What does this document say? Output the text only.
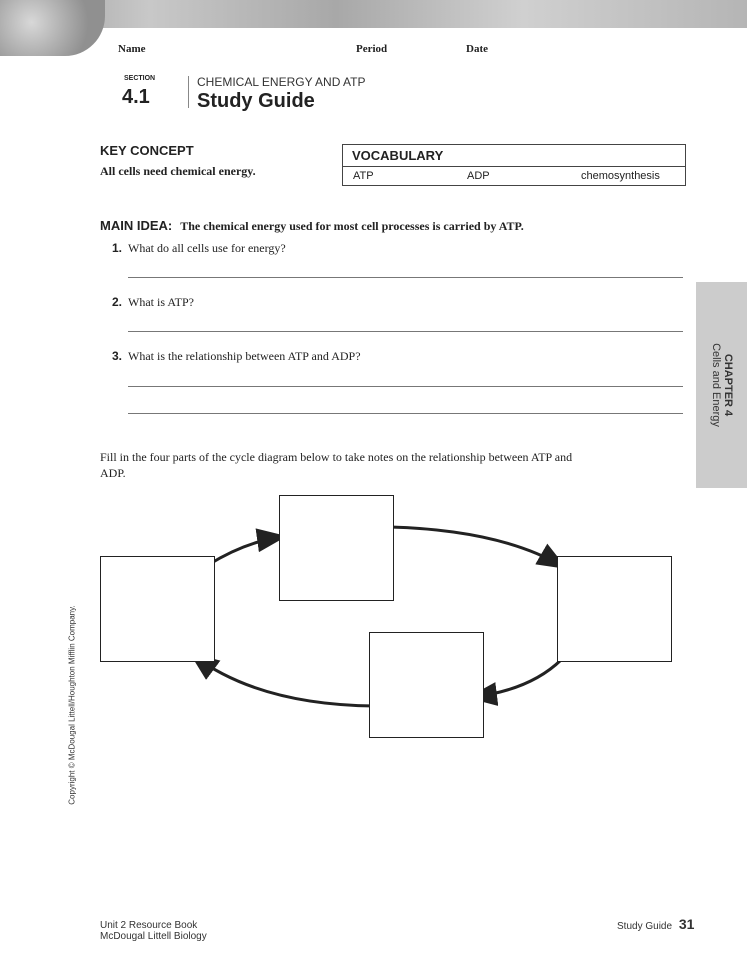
Name	Period	Date
SECTION
4.1
CHEMICAL ENERGY AND ATP
Study Guide
KEY CONCEPT
All cells need chemical energy.
VOCABULARY
ATP	ADP	chemosynthesis
MAIN IDEA: The chemical energy used for most cell processes is carried by ATP.
1. What do all cells use for energy?
2. What is ATP?
3. What is the relationship between ATP and ADP?	CHAPTER 4
Cells and Energy
Fill in the four parts of the cycle diagram below to take notes on the relationship between ATP and ADP.
Copyright © McDougal Littell/Houghton Mifflin Company.
Unit 2 Resource Book
McDougal Littell Biology
Study Guide 31
